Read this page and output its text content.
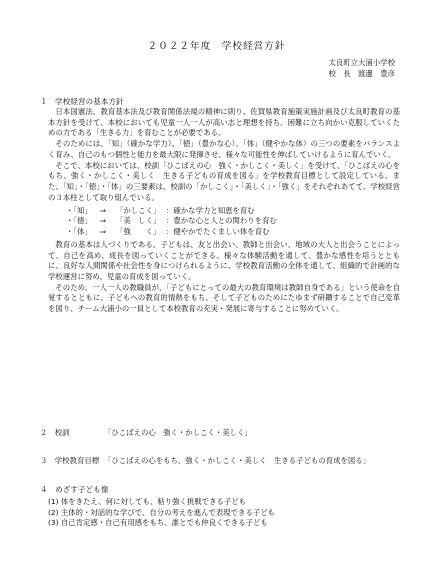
２０２２年度　学校経営方針
太良町立大浦小学校
校　長　渡邊　豊彦
１　学校経営の基本方針

日本国憲法、教育基本法及び教育関係法規の精神に則り、佐賀県教育施策実施計画及び太良町教育の基本方針を受けて、本校においても児童一人一人が高い志と理想を持ち、困難に立ち向かい克服していくための力である「生きる力」を育むことが必要である。

そのためには、「知」（確かな学力）、「徳」（豊かな心）、「体」（健やかな体）の三つの要素をバランスよく育み、自己のもつ個性と能力を最大限に発揮させ、様々な可能性を伸ばしていけるように育んでいく。

そこで、本校においては、校訓「ひこばえの心　強く・かしこく・美しく」を受けて、「ひこばえの心をもち、強く・かしこく・美しく　生きる子どもの育成を図る」を学校教育目標として設定している。また、「知」・「徳」・「体」の三要素は、校訓の「かしこく」・「美しく」・「強く」をそれぞれあてて、学校経営の３本柱として取り組んでいる。

・「知」	⇒	「かしこく」 ：確かな学力と知恵を育む
・「徳」	⇒	「美　しく」 ：豊かな心と人との関わりを育む
・「体」	⇒	「強　　く」 ：健やかでたくましい体を育む

教育の基本は人づくりである。子どもは、友と出会い、教師と出会い、地域の大人と出会うことによって、自己を高め、成長を図っていくことができる。様々な体験活動を通して、豊かな感性を培うとともに、良好な人間関係や社会性を身につけられるように、学校教育活動の全体を通して、組織的で計画的な学校運営に努め、児童の育成を図っていく。

そのため、一人一人の教職員が、「子どもにとっての最大の教育環境は教師自身である」という使命を自覚するとともに、子どもへの教育的情熱をもち、そして子どものためにたゆまず研鑽することで自己変革を図り、チーム大浦小の一員として本校教育の充実・発展に寄与することに努めていく。

２　校訓	「ひこばえの心　強く・かしこく・美しく」
３　学校教育目標 「ひこばえの心をもち、強く・かしこく・美しく　生きる子どもの育成を図る」
４　めざす子ども像
(1) 体をきたえ、何に対しても、粘り強く挑戦できる子ども
(2) 主体的・対話的な学びで、自分の考えを進んで表現できる子ども
(3) 自己肯定感・自己有用感をもち、誰とでも仲良くできる子ども
